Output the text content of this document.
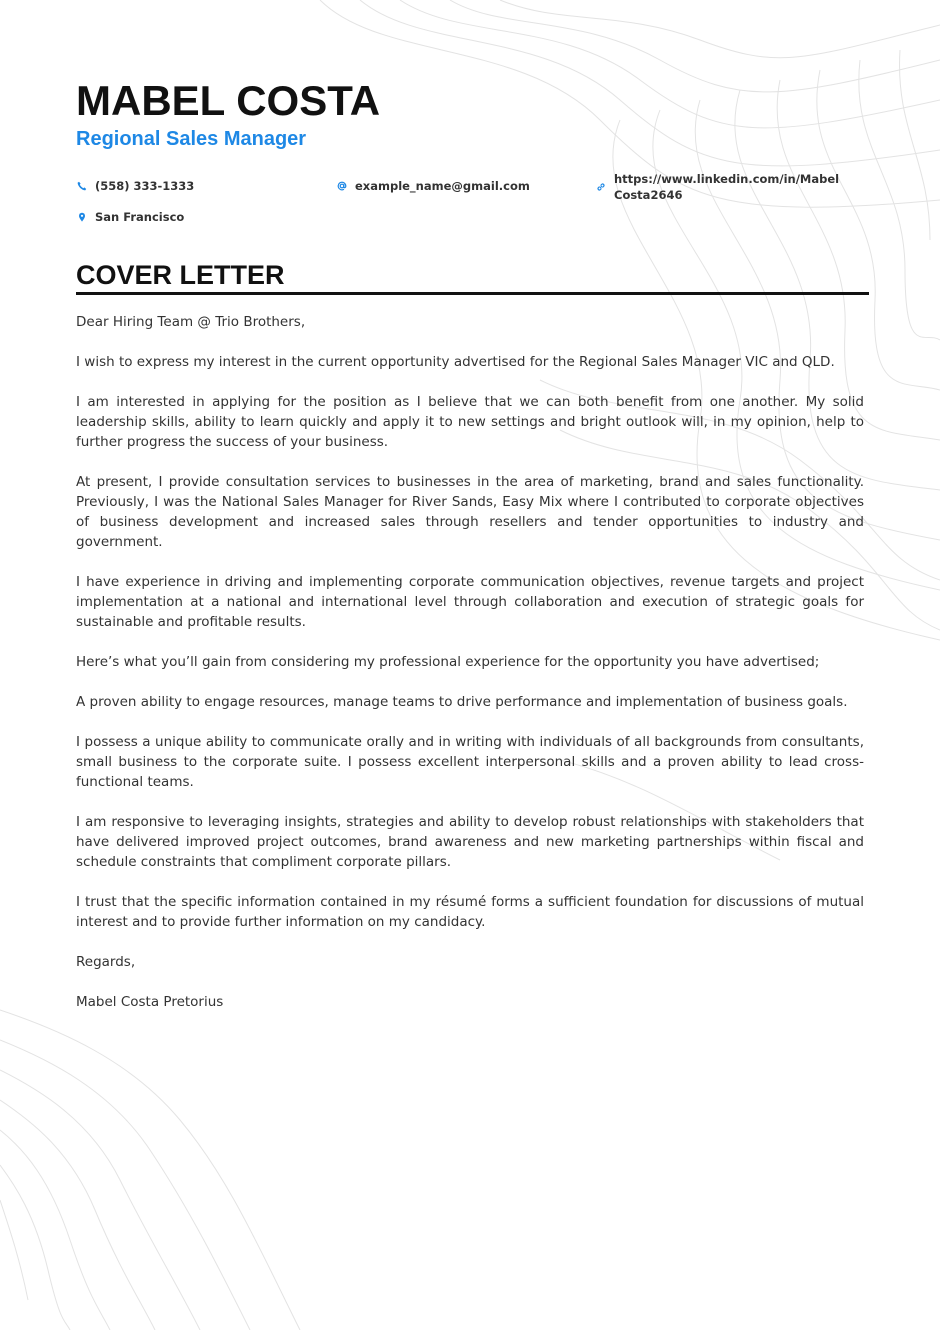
MABEL COSTA
Regional Sales Manager
(558) 333-1333	example_name@gmail.com	https://www.linkedin.com/in/MabelCosta2646
San Francisco
COVER LETTER

Dear Hiring Team @ Trio Brothers,

I wish to express my interest in the current opportunity advertised for the Regional Sales Manager VIC and QLD.

I am interested in applying for the position as I believe that we can both benefit from one another. My solid leadership skills, ability to learn quickly and apply it to new settings and bright outlook will, in my opinion, help to further progress the success of your business.

At present, I provide consultation services to businesses in the area of marketing, brand and sales functionality. Previously, I was the National Sales Manager for River Sands, Easy Mix where I contributed to corporate objectives of business development and increased sales through resellers and tender opportunities to industry and government.

I have experience in driving and implementing corporate communication objectives, revenue targets and project implementation at a national and international level through collaboration and execution of strategic goals for sustainable and profitable results.

Here’s what you’ll gain from considering my professional experience for the opportunity you have advertised;

A proven ability to engage resources, manage teams to drive performance and implementation of business goals.

I possess a unique ability to communicate orally and in writing with individuals of all backgrounds from consultants, small business to the corporate suite. I possess excellent interpersonal skills and a proven ability to lead cross-functional teams.

I am responsive to leveraging insights, strategies and ability to develop robust relationships with stakeholders that have delivered improved project outcomes, brand awareness and new marketing partnerships within fiscal and schedule constraints that compliment corporate pillars.

I trust that the specific information contained in my résumé forms a sufficient foundation for discussions of mutual interest and to provide further information on my candidacy.

Regards,

Mabel Costa Pretorius
